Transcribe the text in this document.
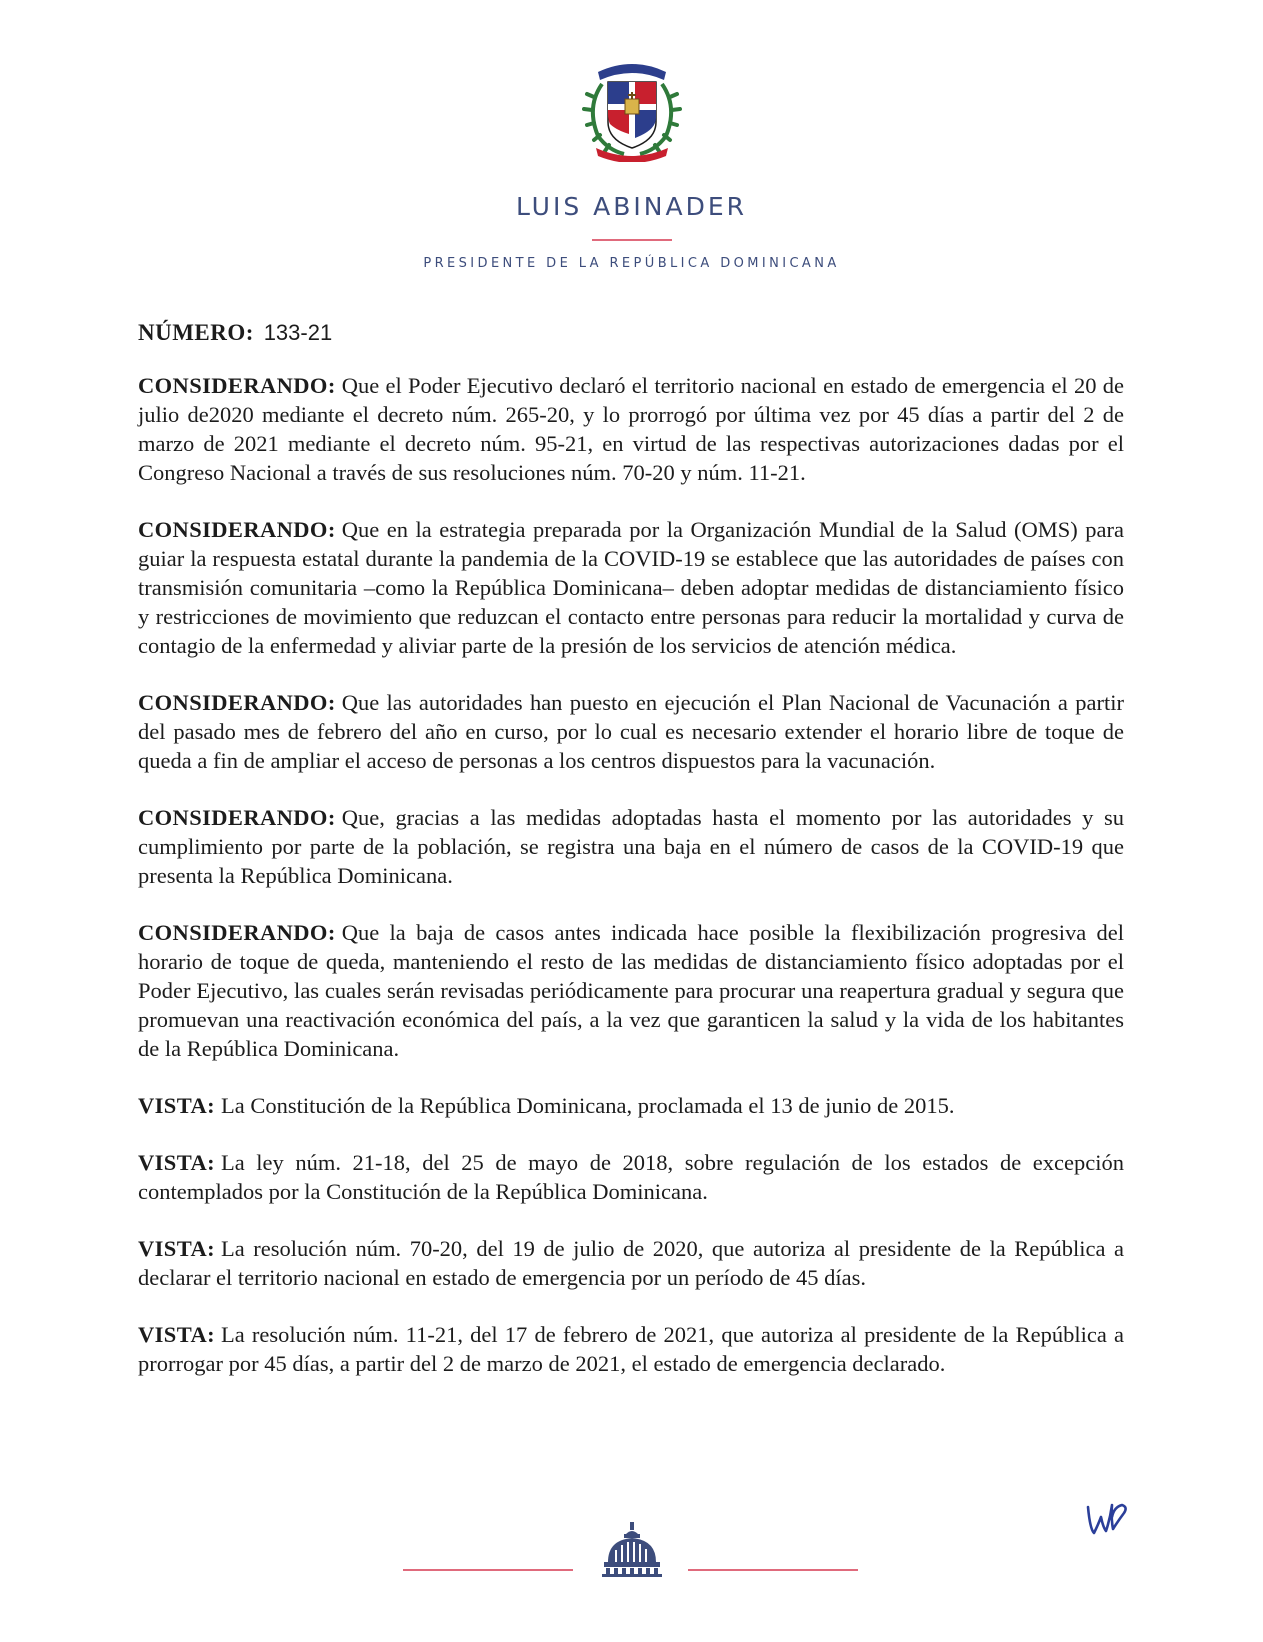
LUIS ABINADER
PRESIDENTE DE LA REPÚBLICA DOMINICANA
NÚMERO: 133-21

CONSIDERANDO: Que el Poder Ejecutivo declaró el territorio nacional en estado de emergencia el 20 de julio de2020 mediante el decreto núm. 265-20, y lo prorrogó por última vez por 45 días a partir del 2 de marzo de 2021 mediante el decreto núm. 95-21, en virtud de las respectivas autorizaciones dadas por el Congreso Nacional a través de sus resoluciones núm. 70-20 y núm. 11-21.

CONSIDERANDO: Que en la estrategia preparada por la Organización Mundial de la Salud (OMS) para guiar la respuesta estatal durante la pandemia de la COVID-19 se establece que las autoridades de países con transmisión comunitaria –como la República Dominicana– deben adoptar medidas de distanciamiento físico y restricciones de movimiento que reduzcan el contacto entre personas para reducir la mortalidad y curva de contagio de la enfermedad y aliviar parte de la presión de los servicios de atención médica.

CONSIDERANDO: Que las autoridades han puesto en ejecución el Plan Nacional de Vacunación a partir del pasado mes de febrero del año en curso, por lo cual es necesario extender el horario libre de toque de queda a fin de ampliar el acceso de personas a los centros dispuestos para la vacunación.

CONSIDERANDO: Que, gracias a las medidas adoptadas hasta el momento por las autoridades y su cumplimiento por parte de la población, se registra una baja en el número de casos de la COVID-19 que presenta la República Dominicana.

CONSIDERANDO: Que la baja de casos antes indicada hace posible la flexibilización progresiva del horario de toque de queda, manteniendo el resto de las medidas de distanciamiento físico adoptadas por el Poder Ejecutivo, las cuales serán revisadas periódicamente para procurar una reapertura gradual y segura que promuevan una reactivación económica del país, a la vez que garanticen la salud y la vida de los habitantes de la República Dominicana.

VISTA: La Constitución de la República Dominicana, proclamada el 13 de junio de 2015.

VISTA: La ley núm. 21-18, del 25 de mayo de 2018, sobre regulación de los estados de excepción contemplados por la Constitución de la República Dominicana.

VISTA: La resolución núm. 70-20, del 19 de julio de 2020, que autoriza al presidente de la República a declarar el territorio nacional en estado de emergencia por un período de 45 días.

VISTA: La resolución núm. 11-21, del 17 de febrero de 2021, que autoriza al presidente de la República a prorrogar por 45 días, a partir del 2 de marzo de 2021, el estado de emergencia declarado.
